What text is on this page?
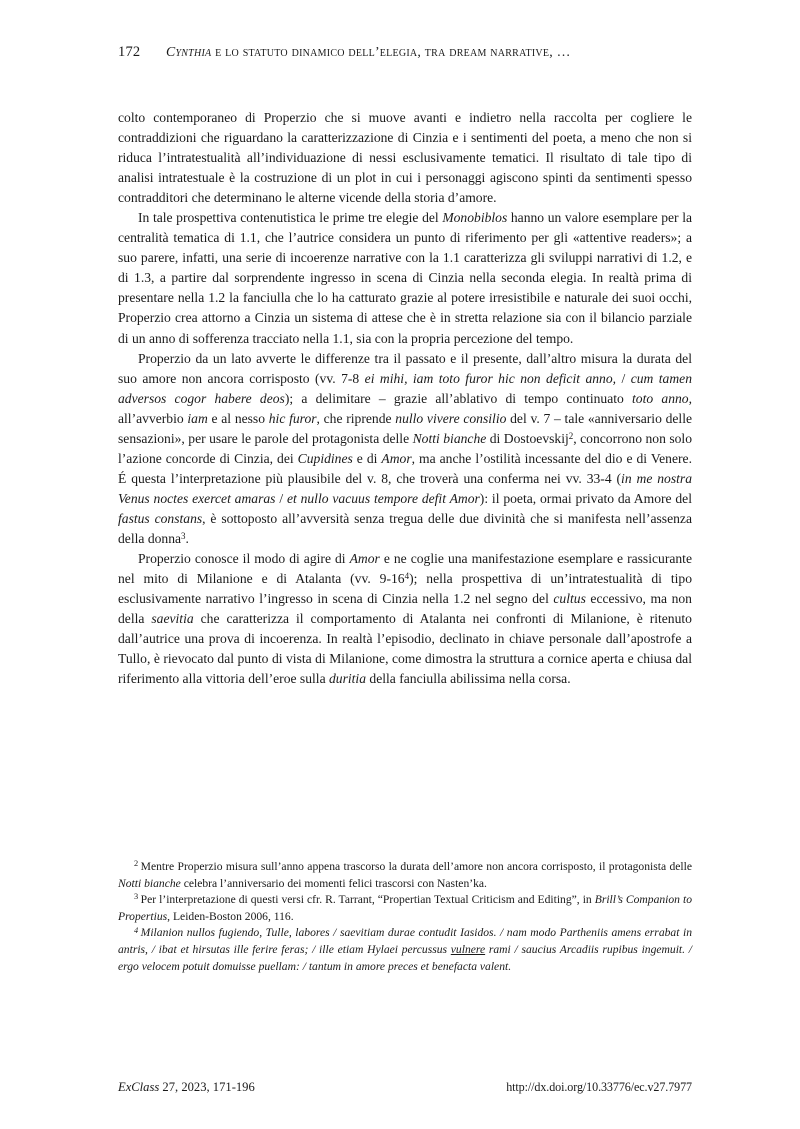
172	Cynthia e lo statuto dinamico dell’elegia, tra dream narrative, …

colto contemporaneo di Properzio che si muove avanti e indietro nella raccolta per cogliere le contraddizioni che riguardano la caratterizzazione di Cinzia e i sentimenti del poeta, a meno che non si riduca l’intratestualità all’individuazione di nessi esclusivamente tematici. Il risultato di tale tipo di analisi intratestuale è la costruzione di un plot in cui i personaggi agiscono spinti da sentimenti spesso contradditori che determinano le alterne vicende della storia d’amore.

In tale prospettiva contenutistica le prime tre elegie del Monobiblos hanno un valore esemplare per la centralità tematica di 1.1, che l’autrice considera un punto di riferimento per gli «attentive readers»; a suo parere, infatti, una serie di incoerenze narrative con la 1.1 caratterizza gli sviluppi narrativi di 1.2, e di 1.3, a partire dal sorprendente ingresso in scena di Cinzia nella seconda elegia. In realtà prima di presentare nella 1.2 la fanciulla che lo ha catturato grazie al potere irresistibile e naturale dei suoi occhi, Properzio crea attorno a Cinzia un sistema di attese che è in stretta relazione sia con il bilancio parziale di un anno di sofferenza tracciato nella 1.1, sia con la propria percezione del tempo.

Properzio da un lato avverte le differenze tra il passato e il presente, dall’altro misura la durata del suo amore non ancora corrisposto (vv. 7-8 ei mihi, iam toto furor hic non deficit anno, / cum tamen adversos cogor habere deos); a delimitare – grazie all’ablativo di tempo continuato toto anno, all’avverbio iam e al nesso hic furor, che riprende nullo vivere consilio del v. 7 – tale «anniversario delle sensazioni», per usare le parole del protagonista delle Notti bianche di Dostoevskij$^2$, concorrono non solo l’azione concorde di Cinzia, dei Cupidines e di Amor, ma anche l’ostilità incessante del dio e di Venere. É questa l’interpretazione più plausibile del v. 8, che troverà una conferma nei vv. 33-4 (in me nostra Venus noctes exercet amaras / et nullo vacuus tempore defit Amor): il poeta, ormai privato da Amore del fastus constans, è sottoposto all’avversità senza tregua delle due divinità che si manifesta nell’assenza della donna$^3$.

Properzio conosce il modo di agire di Amor e ne coglie una manifestazione esemplare e rassicurante nel mito di Milanione e di Atalanta (vv. 9-16$^4$); nella prospettiva di un’intratestualità di tipo esclusivamente narrativo l’ingresso in scena di Cinzia nella 1.2 nel segno del cultus eccessivo, ma non della saevitia che caratterizza il comportamento di Atalanta nei confronti di Milanione, è ritenuto dall’autrice una prova di incoerenza. In realtà l’episodio, declinato in chiave personale dall’apostrofe a Tullo, è rievocato dal punto di vista di Milanione, come dimostra la struttura a cornice aperta e chiusa dal riferimento alla vittoria dell’eroe sulla duritia della fanciulla abilissima nella corsa.

$^2$ Mentre Properzio misura sull’anno appena trascorso la durata dell’amore non ancora corrisposto, il protagonista delle Notti bianche celebra l’anniversario dei momenti felici trascorsi con Nasten’ka.

$^3$ Per l’interpretazione di questi versi cfr. R. Tarrant, “Propertian Textual Criticism and Editing”, in Brill’s Companion to Propertius, Leiden-Boston 2006, 116.

$^4$ Milanion nullos fugiendo, Tulle, labores / saevitiam durae contudit Iasidos. / nam modo Partheniis amens errabat in antris, / ibat et hirsutas ille ferire feras; / ille etiam Hylaei percussus vulnere rami / saucius Arcadiis rupibus ingemuit. / ergo velocem potuit domuisse puellam: / tantum in amore preces et benefacta valent.

ExClass 27, 2023, 171-196	http://dx.doi.org/10.33776/ec.v27.7977
